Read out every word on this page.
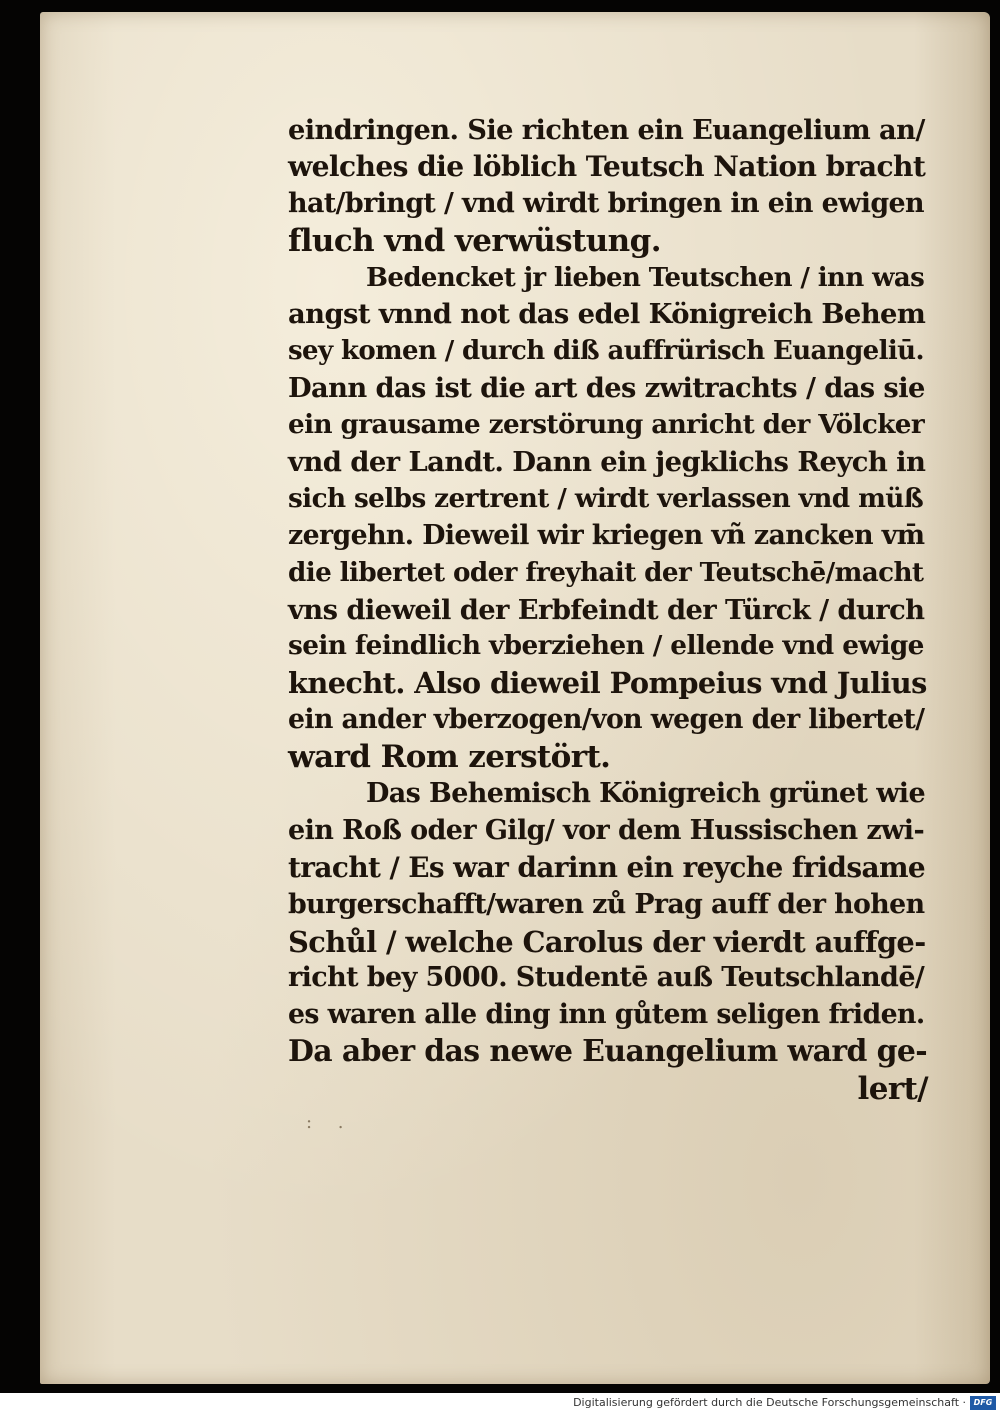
eindringen. Sie richten ein Euangelium an/
welches die löblich Teutsch Nation bracht
hat/bringt / vnd wirdt bringen in ein ewigen
fluch vnd verwüstung.
Bedencket jr lieben Teutschen / inn was
angst vnnd not das edel Königreich Behem
sey komen / durch diß auffrürisch Euangeliū.
Dann das ist die art des zwitrachts / das sie
ein grausame zerstörung anricht der Völcker
vnd der Landt. Dann ein jegklichs Reych in
sich selbs zertrent / wirdt verlassen vnd müß
zergehn. Dieweil wir kriegen vñ zancken vm̄
die libertet oder freyhait der Teutschē/macht
vns dieweil der Erbfeindt der Türck / durch
sein feindlich vberziehen / ellende vnd ewige
knecht. Also dieweil Pompeius vnd Julius
ein ander vberzogen/von wegen der libertet/
ward Rom zerstört.
Das Behemisch Königreich grünet wie
ein Roß oder Gilg/ vor dem Hussischen zwi-
tracht / Es war darinn ein reyche fridsame
burgerschafft/waren zů Prag auff der hohen
Schůl / welche Carolus der vierdt auffge-
richt bey 5000. Studentē auß Teutschlandē/
es waren alle ding inn gůtem seligen friden.
Da aber das newe Euangelium ward ge-
lert/
: .
Digitalisierung gefördert durch die Deutsche Forschungsgemeinschaft · DFG
